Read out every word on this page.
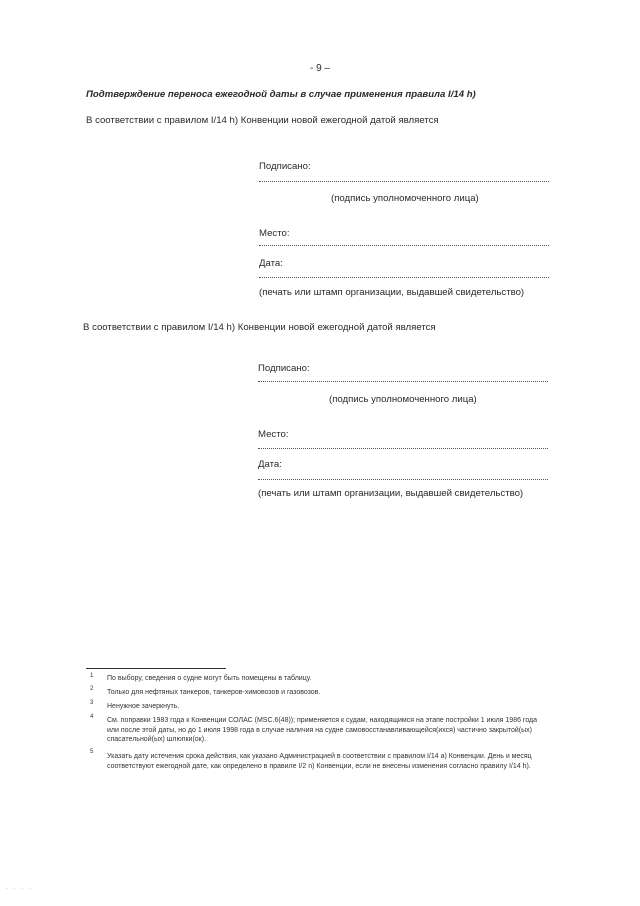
- 9 –
Подтверждение переноса ежегодной даты в случае применения правила I/14 h)
В соответствии с правилом I/14 h) Конвенции новой ежегодной датой является
Подписано:
(подпись уполномоченного лица)
Место:
Дата:
(печать или штамп организации, выдавшей свидетельство)
В соответствии с правилом I/14 h) Конвенции новой ежегодной датой является
Подписано:
(подпись уполномоченного лица)
Место:
Дата:
(печать или штамп организации, выдавшей свидетельство)
1 По выбору, сведения о судне могут быть помещены в таблицу.
2 Только для нефтяных танкеров, танкеров-химовозов и газовозов.
3 Ненужное зачеркнуть.
4 См. поправки 1983 года к Конвенции СОЛАС (MSC.6(48)); применяется к судам, находящимся на этапе постройки 1 июля 1986 года или после этой даты, но до 1 июля 1998 года в случае наличия на судне самовосстанавливающейся(ихся) частично закрытой(ых) спасательной(ых) шлюпки(ок).
5
Указать дату истечения срока действия, как указано Администрацией в соответствии с правилом I/14 a) Конвенции. День и месяц соответствуют ежегодной дате, как определено в правиле I/2 n) Конвенции, если не внесены изменения согласно правилу I/14 h).
· · · ·
